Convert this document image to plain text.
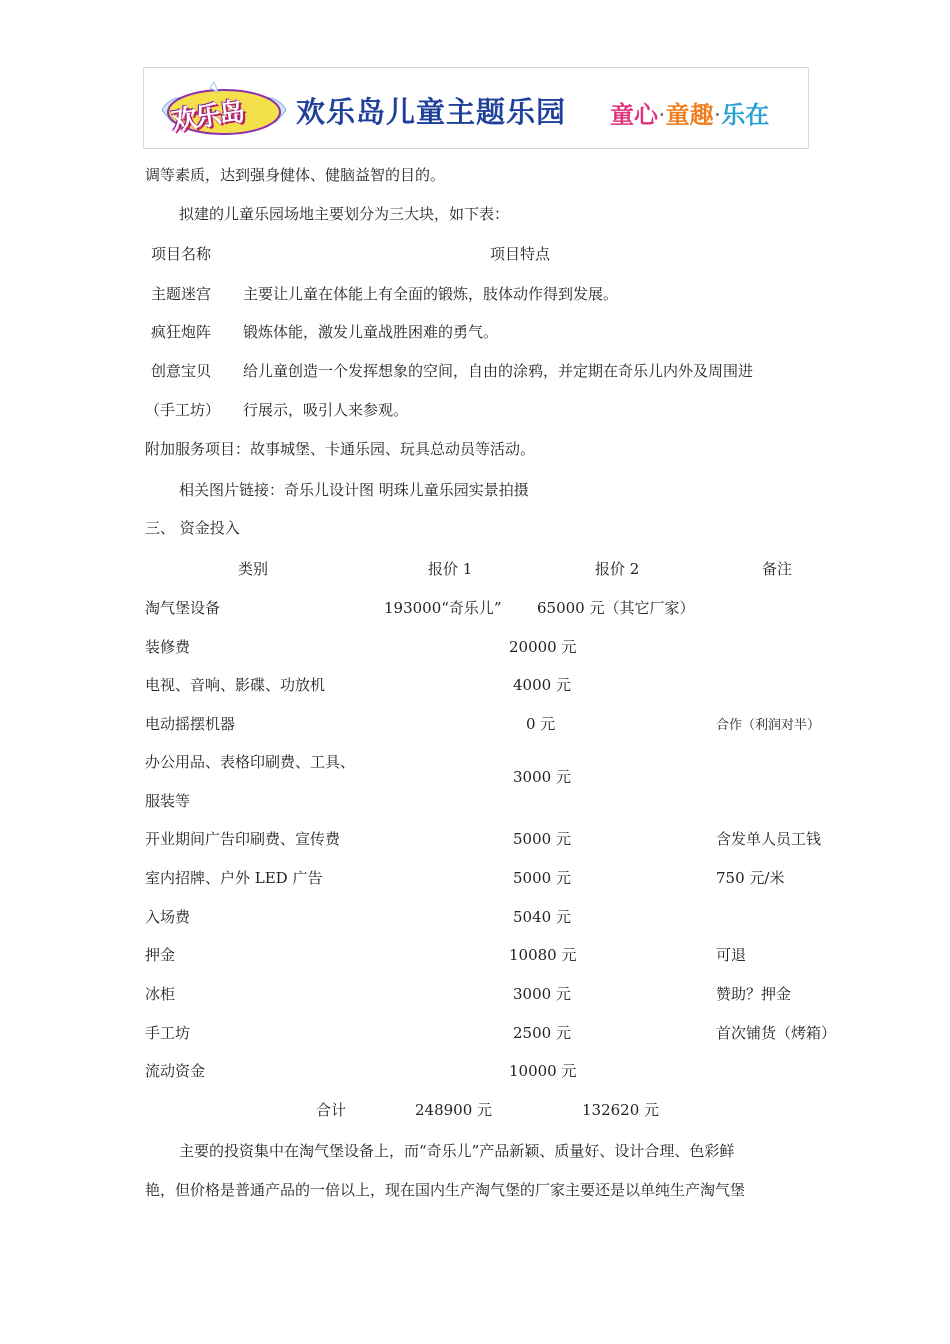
欢乐岛 欢乐岛儿童主题乐园 童心·童趣·乐在
调等素质，达到强身健体、健脑益智的目的。
拟建的儿童乐园场地主要划分为三大块，如下表：
项目名称	项目特点
主题迷宫 主要让儿童在体能上有全面的锻炼，肢体动作得到发展。
疯狂炮阵 锻炼体能，激发儿童战胜困难的勇气。
创意宝贝 给儿童创造一个发挥想象的空间，自由的涂鸦，并定期在奇乐儿内外及周围进
（手工坊） 行展示，吸引人来参观。
附加服务项目：故事城堡、卡通乐园、玩具总动员等活动。
相关图片链接：奇乐儿设计图 明珠儿童乐园实景拍摄
三、 资金投入
类别	报价 1	报价 2	备注
淘气堡设备	193000“奇乐儿” 65000 元（其它厂家）
装修费	20000 元
电视、音响、影碟、功放机	4000 元
电动摇摆机器	0 元	合作（利润对半）
办公用品、表格印刷费、工具、
服装等
3000 元
开业期间广告印刷费、宣传费	5000 元	含发单人员工钱
室内招牌、户外 LED 广告	5000 元	750 元/米
入场费	5040 元
押金	10080 元	可退
冰柜	3000 元	赞助？押金
手工坊	2500 元	首次铺货（烤箱）
流动资金	10000 元
合计	248900 元	132620 元
主要的投资集中在淘气堡设备上，而“奇乐儿”产品新颖、质量好、设计合理、色彩鲜
艳，但价格是普通产品的一倍以上，现在国内生产淘气堡的厂家主要还是以单纯生产淘气堡
